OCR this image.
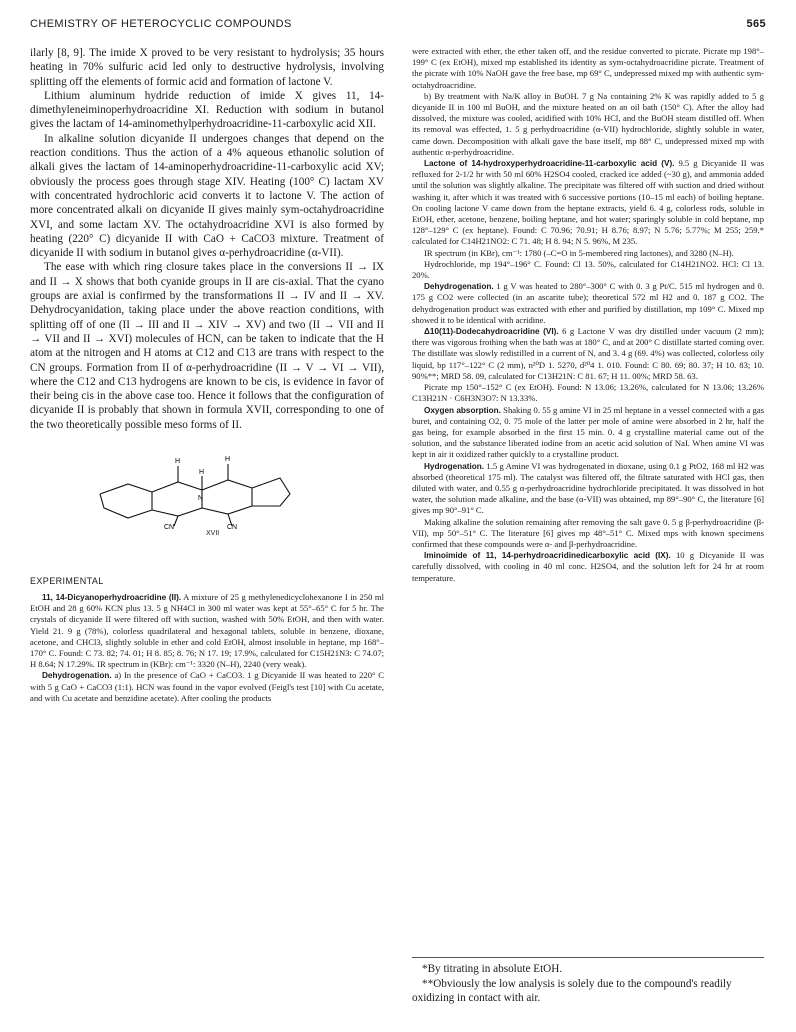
CHEMISTRY OF HETEROCYCLIC COMPOUNDS	565

ilarly [8, 9]. The imide X proved to be very resistant to hydrolysis; 35 hours heating in 70% sulfuric acid led only to destructive hydrolysis, involving splitting off the elements of formic acid and formation of lactone V.

Lithium aluminum hydride reduction of imide X gives 11, 14-dimethyleneiminoperhydroacridine XI. Reduction with sodium in butanol gives the lactam of 14-aminomethylperhydroacridine-11-carboxylic acid XII.

In alkaline solution dicyanide II undergoes changes that depend on the reaction conditions. Thus the action of a 4% aqueous ethanolic solution of alkali gives the lactam of 14-aminoperhydroacridine-11-carboxylic acid XV; obviously the process goes through stage XIV. Heating (100° C) lactam XV with concentrated hydrochloric acid converts it to lactone V. The action of more concentrated alkali on dicyanide II gives mainly sym-octahydroacridine XVI, and some lactam XV. The octahydroacridine XVI is also formed by heating (220° C) dicyanide II with CaO + CaCO3 mixture. Treatment of dicyanide II with sodium in butanol gives α-perhydroacridine (α-VII).

The ease with which ring closure takes place in the conversions II → IX and II → X shows that both cyanide groups in II are cis-axial. That the cyano groups are axial is confirmed by the transformations II → IV and II → XV. Dehydrocyanidation, taking place under the above reaction conditions, with splitting off of one (II → III and II → XIV → XV) and two (II → VII and II → VII and II → XVI) molecules of HCN, can be taken to indicate that the H atom at the nitrogen and H atoms at C12 and C13 are trans with respect to the CN groups. Formation from II of α-perhydroacridine (II → V → VI → VII), where the C12 and C13 hydrogens are known to be cis, is evidence in favor of their being cis in the above case too. Hence it follows that the configuration of dicyanide II is probably that shown in formula XVII, corresponding to one of the two theoretically possible meso forms of II.

H	H
N
H
CN	CN
XVII
EXPERIMENTAL

11, 14-Dicyanoperhydroacridine (II). A mixture of 25 g methylenedicyclohexanone I in 250 ml EtOH and 28 g 60% KCN plus 13. 5 g NH4Cl in 300 ml water was kept at 55°–65° C for 5 hr. The crystals of dicyanide II were filtered off with suction, washed with 50% EtOH, and then with water. Yield 21. 9 g (78%), colorless quadrilateral and hexagonal tablets, soluble in benzene, dioxane, acetone, and CHCl3, slightly soluble in ether and cold EtOH, almost insoluble in heptane, mp 168°–170° C. Found: C 73. 82; 74. 01; H 8. 85; 8. 76; N 17. 19; 17.9%, calculated for C15H21N3: C 74.07; H 8.64; N 17.29%. IR spectrum in (KBr): cm⁻¹: 3320 (N–H), 2240 (very weak).

Dehydrogenation. a) In the presence of CaO + CaCO3. 1 g Dicyanide II was heated to 220° C with 5 g CaO + CaCO3 (1:1). HCN was found in the vapor evolved (Feigl's test [10] with Cu acetate, and with Cu acetate and benzidine acetate). After cooling the products

were extracted with ether, the ether taken off, and the residue converted to picrate. Picrate mp 198°–199° C (ex EtOH), mixed mp established its identity as sym-octahydroacridine picrate. Treatment of the picrate with 10% NaOH gave the free base, mp 69° C, undepressed mixed mp with authentic sym-octahydroacridine.

b) By treatment with Na/K alloy in BuOH. 7 g Na containing 2% K was rapidly added to 5 g dicyanide II in 100 ml BuOH, and the mixture heated on an oil bath (150° C). After the alloy had dissolved, the mixture was cooled, acidified with 10% HCl, and the BuOH steam distilled off. When its removal was effected, 1. 5 g perhydroacridine (α-VII) hydrochloride, slightly soluble in water, came down. Decomposition with alkali gave the base itself, mp 88° C, undepressed mixed mp with authentic α-perhydroacridine.

Lactone of 14-hydroxyperhydroacridine-11-carboxylic acid (V). 9.5 g Dicyanide II was refluxed for 2-1/2 hr with 50 ml 60% H2SO4 cooled, cracked ice added (~30 g), and ammonia added until the solution was slightly alkaline. The precipitate was filtered off with suction and dried without washing it, after which it was treated with 6 successive portions (10–15 ml each) of boiling heptane. On cooling lactone V came down from the heptane extracts, yield 6. 4 g, colorless rods, soluble in EtOH, ether, acetone, benzene, boiling heptane, and hot water; sparingly soluble in cold heptane, mp 128°–129° C (ex heptane). Found: C 70.96; 70.91; H 8.76; 8.97; N 5.76; 5.77%; M 255; 259.* calculated for C14H21NO2: C 71. 48; H 8. 94; N 5. 96%, M 235.

IR spectrum (in KBr), cm⁻¹: 1780 (–C=O in 5-membered ring lactones), and 3280 (N–H).

Hydrochloride, mp 194°–196° C. Found: Cl 13. 50%, calculated for C14H21NO2. HCl: Cl 13. 20%.

Dehydrogenation. 1 g V was heated to 280°–300° C with 0. 3 g Pt/C. 515 ml hydrogen and 0. 175 g CO2 were collected (in an ascarite tube); theoretical 572 ml H2 and 0. 187 g CO2. The dehydrogenation product was extracted with ether and purified by distillation, mp 109° C. Mixed mp showed it to be identical with acridine.

Δ10(11)-Dodecahydroacridine (VI). 6 g Lactone V was dry distilled under vacuum (2 mm); there was vigorous frothing when the bath was at 180° C, and at 200° C distillate started coming over. The distillate was slowly redistilled in a current of N, and 3. 4 g (69. 4%) was collected, colorless oily liquid, bp 117°–122° C (2 mm), n²⁰D 1. 5270, d²⁰4 1. 010. Found: C 80. 69; 80. 37; H 10. 83; 10. 90%**; MRD 58. 09, calculated for C13H21N: C 81. 67; H 11. 00%; MRD 58. 63.

Picrate mp 150°–152° C (ex EtOH). Found: N 13.06; 13.26%, calculated for N 13.06; 13.26% C13H21N · C6H3N3O7: N 13.33%.

Oxygen absorption. Shaking 0. 55 g amine VI in 25 ml heptane in a vessel connected with a gas buret, and containing O2, 0. 75 mole of the latter per mole of amine were absorbed in 2 hr, half the gas being, for example absorbed in the first 15 min. 0. 4 g crystalline material came out of the solution, and the substance liberated iodine from an acetic acid solution of NaI. When amine VI was kept in air it oxidized rather quickly to a crystalline product.

Hydrogenation. 1.5 g Amine VI was hydrogenated in dioxane, using 0.1 g PtO2, 168 ml H2 was absorbed (theoretical 175 ml). The catalyst was filtered off, the filtrate saturated with HCl gas, then diluted with water, and 0.55 g α-perhydroacridine hydrochloride precipitated. It was dissolved in hot water, the solution made alkaline, and the base (α-VII) was obtained, mp 89°–90° C, the literature [6] gives mp 90°–91° C.

Making alkaline the solution remaining after removing the salt gave 0. 5 g β-perhydroacridine (β-VII), mp 50°–51° C. The literature [6] gives mp 48°–51° C. Mixed mps with known specimens confirmed that these compounds were α- and β-perhydroacridine.

Iminoimide of 11, 14-perhydroacridinedicarboxylic acid (IX). 10 g Dicyanide II was carefully dissolved, with cooling in 40 ml conc. H2SO4, and the solution left for 24 hr at room temperature.

*By titrating in absolute EtOH.

**Obviously the low analysis is solely due to the compound's readily oxidizing in contact with air.
